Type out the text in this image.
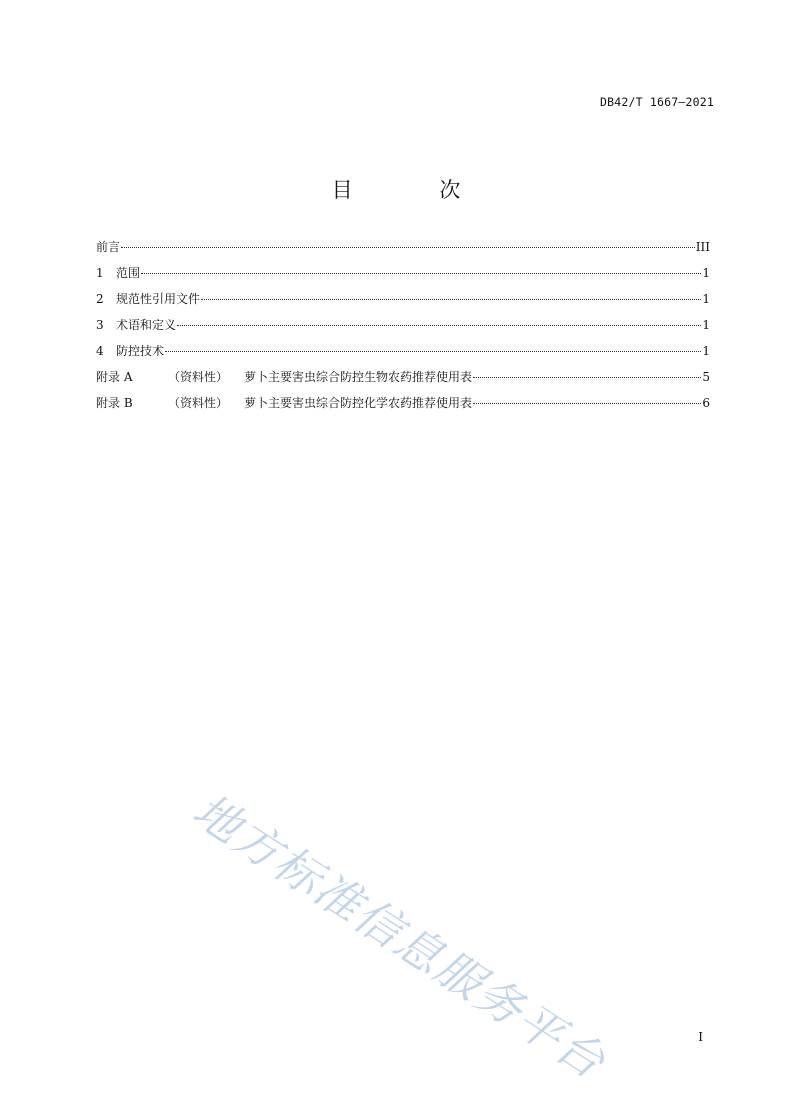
DB42/T 1667—2021
目 次
前言	III
1	范围	1
2	规范性引用文件	1
3	术语和定义	1
4	防控技术	1
附录 A	（资料性）	萝卜主要害虫综合防控生物农药推荐使用表	5
附录 B	（资料性）	萝卜主要害虫综合防控化学农药推荐使用表	6
地方标准信息服务平台	I
